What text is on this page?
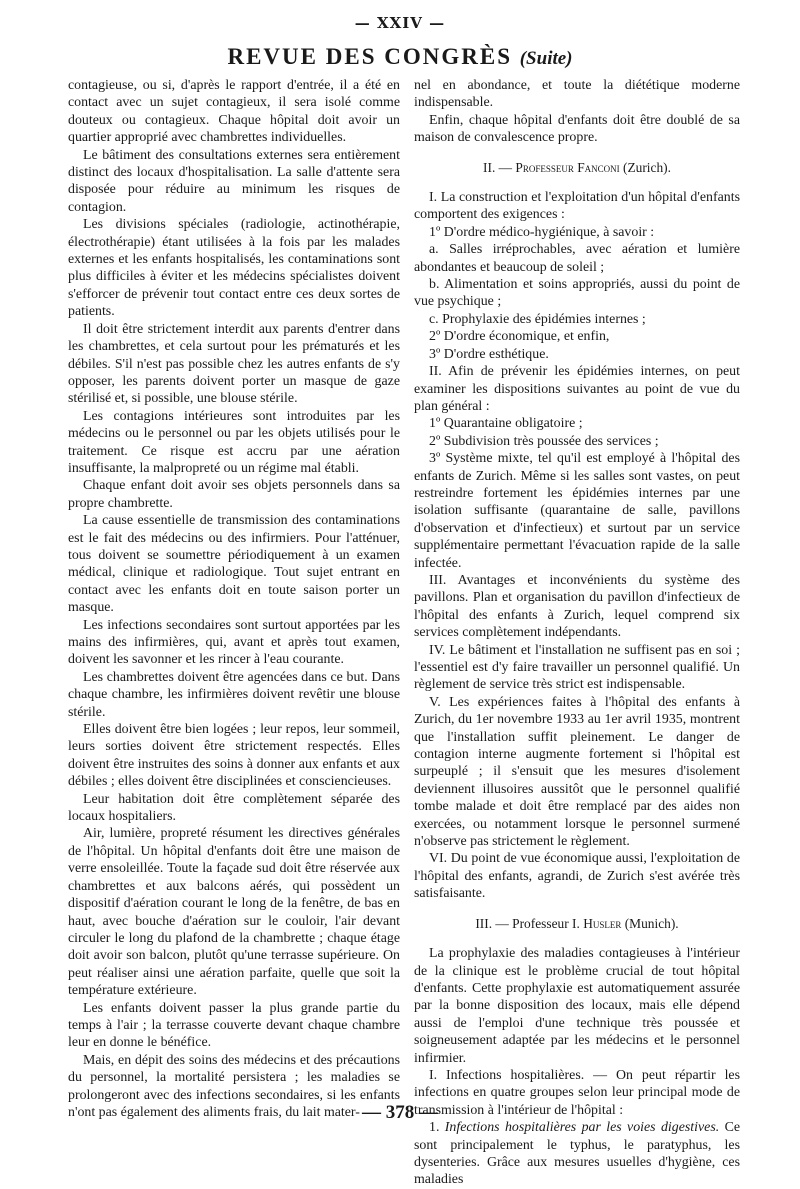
— XXIV —
REVUE DES CONGRÈS (Suite)

contagieuse, ou si, d'après le rapport d'entrée, il a été en contact avec un sujet contagieux, il sera isolé comme douteux ou contagieux. Chaque hôpital doit avoir un quartier approprié avec chambrettes individuelles.

Le bâtiment des consultations externes sera entièrement distinct des locaux d'hospitalisation. La salle d'attente sera disposée pour réduire au minimum les risques de contagion.

Les divisions spéciales (radiologie, actinothérapie, électrothérapie) étant utilisées à la fois par les malades externes et les enfants hospitalisés, les contaminations sont plus difficiles à éviter et les médecins spécialistes doivent s'efforcer de prévenir tout contact entre ces deux sortes de patients.

Il doit être strictement interdit aux parents d'entrer dans les chambrettes, et cela surtout pour les prématurés et les débiles. S'il n'est pas possible chez les autres enfants de s'y opposer, les parents doivent porter un masque de gaze stérilisé et, si possible, une blouse stérile.

Les contagions intérieures sont introduites par les médecins ou le personnel ou par les objets utilisés pour le traitement. Ce risque est accru par une aération insuffisante, la malpropreté ou un régime mal établi.

Chaque enfant doit avoir ses objets personnels dans sa propre chambrette.

La cause essentielle de transmission des contaminations est le fait des médecins ou des infirmiers. Pour l'atténuer, tous doivent se soumettre périodiquement à un examen médical, clinique et radiologique. Tout sujet entrant en contact avec les enfants doit en toute saison porter un masque.

Les infections secondaires sont surtout apportées par les mains des infirmières, qui, avant et après tout examen, doivent les savonner et les rincer à l'eau courante.

Les chambrettes doivent être agencées dans ce but. Dans chaque chambre, les infirmières doivent revêtir une blouse stérile.

Elles doivent être bien logées ; leur repos, leur sommeil, leurs sorties doivent être strictement respectés. Elles doivent être instruites des soins à donner aux enfants et aux débiles ; elles doivent être disciplinées et consciencieuses.

Leur habitation doit être complètement séparée des locaux hospitaliers.

Air, lumière, propreté résument les directives générales de l'hôpital. Un hôpital d'enfants doit être une maison de verre ensoleillée. Toute la façade sud doit être réservée aux chambrettes et aux balcons aérés, qui possèdent un dispositif d'aération courant le long de la fenêtre, de bas en haut, avec bouche d'aération sur le couloir, l'air devant circuler le long du plafond de la chambrette ; chaque étage doit avoir son balcon, plutôt qu'une terrasse supérieure. On peut réaliser ainsi une aération parfaite, quelle que soit la température extérieure.

Les enfants doivent passer la plus grande partie du temps à l'air ; la terrasse couverte devant chaque chambre leur en donne le bénéfice.

Mais, en dépit des soins des médecins et des précautions du personnel, la mortalité persistera ; les maladies se prolongeront avec des infections secondaires, si les enfants n'ont pas également des aliments frais, du lait mater-

nel en abondance, et toute la diététique moderne indispensable.

Enfin, chaque hôpital d'enfants doit être doublé de sa maison de convalescence propre.

II. — Professeur Fanconi (Zurich).

I. La construction et l'exploitation d'un hôpital d'enfants comportent des exigences :

1º D'ordre médico-hygiénique, à savoir :

a. Salles irréprochables, avec aération et lumière abondantes et beaucoup de soleil ;

b. Alimentation et soins appropriés, aussi du point de vue psychique ;

c. Prophylaxie des épidémies internes ;

2º D'ordre économique, et enfin,

3º D'ordre esthétique.

II. Afin de prévenir les épidémies internes, on peut examiner les dispositions suivantes au point de vue du plan général :

1º Quarantaine obligatoire ;

2º Subdivision très poussée des services ;

3º Système mixte, tel qu'il est employé à l'hôpital des enfants de Zurich. Même si les salles sont vastes, on peut restreindre fortement les épidémies internes par une isolation suffisante (quarantaine de salle, pavillons d'observation et d'infectieux) et surtout par un service supplémentaire permettant l'évacuation rapide de la salle infectée.

III. Avantages et inconvénients du système des pavillons. Plan et organisation du pavillon d'infectieux de l'hôpital des enfants à Zurich, lequel comprend six services complètement indépendants.

IV. Le bâtiment et l'installation ne suffisent pas en soi ; l'essentiel est d'y faire travailler un personnel qualifié. Un règlement de service très strict est indispensable.

V. Les expériences faites à l'hôpital des enfants à Zurich, du 1er novembre 1933 au 1er avril 1935, montrent que l'installation suffit pleinement. Le danger de contagion interne augmente fortement si l'hôpital est surpeuplé ; il s'ensuit que les mesures d'isolement deviennent illusoires aussitôt que le personnel qualifié tombe malade et doit être remplacé par des aides non exercées, ou notamment lorsque le personnel surmené n'observe pas strictement le règlement.

VI. Du point de vue économique aussi, l'exploitation de l'hôpital des enfants, agrandi, de Zurich s'est avérée très satisfaisante.

III. — Professeur I. Husler (Munich).

La prophylaxie des maladies contagieuses à l'intérieur de la clinique est le problème crucial de tout hôpital d'enfants. Cette prophylaxie est automatiquement assurée par la bonne disposition des locaux, mais elle dépend aussi de l'emploi d'une technique très poussée et soigneusement adaptée par les médecins et le personnel infirmier.

I. Infections hospitalières. — On peut répartir les infections en quatre groupes selon leur principal mode de transmission à l'intérieur de l'hôpital :

1. Infections hospitalières par les voies digestives. Ce sont principalement le typhus, le paratyphus, les dysenteries. Grâce aux mesures usuelles d'hygiène, ces maladies

— 378 —
